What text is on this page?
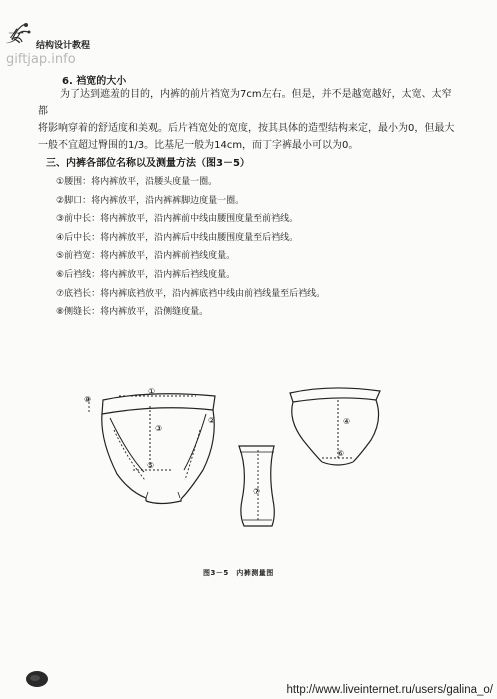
女 结构设计教程
giftjap.info
6. 裆宽的大小
为了达到遮羞的目的，内裤的前片裆宽为7cm左右。但是，并不是越宽越好，太宽、太窄都
将影响穿着的舒适度和美观。后片裆宽处的宽度，按其具体的造型结构来定，最小为0，但最大
一般不宜超过臀围的1/3。比基尼一般为14cm，而丁字裤最小可以为0。
三、内裤各部位名称以及测量方法（图3－5）
①腰围：将内裤放平，沿腰头度量一圈。
②脚口：将内裤放平，沿内裤裤脚边度量一圈。
③前中长：将内裤放平，沿内裤前中线由腰围度量至前裆线。
④后中长：将内裤放平，沿内裤后中线由腰围度量至后裆线。
⑤前裆宽：将内裤放平，沿内裤前裆线度量。
⑥后裆线：将内裤放平，沿内裤后裆线度量。
⑦底裆长：将内裤底裆放平，沿内裤底裆中线由前裆线量至后裆线。
⑧侧缝长：将内裤放平，沿侧缝度量。
①
⑧
③
②
⑤
④
⑥
⑦
图3－5　内裤测量图
http://www.liveinternet.ru/users/galina_o/
